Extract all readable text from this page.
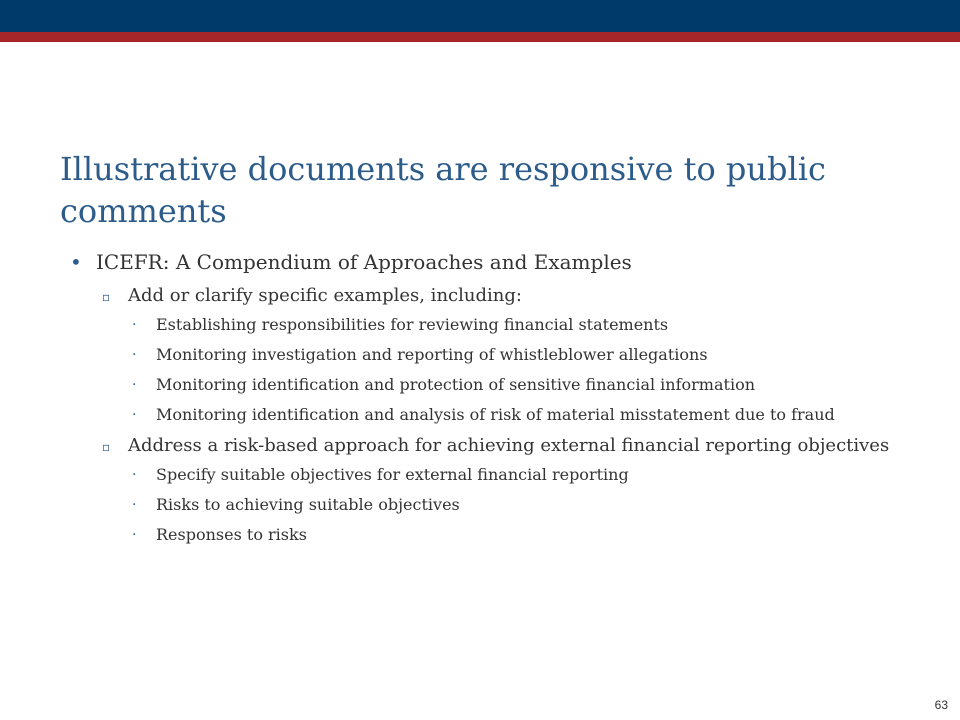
Illustrative documents are responsive to public comments
• ICEFR: A Compendium of Approaches and Examples
▫ Add or clarify specific examples, including:
· Establishing responsibilities for reviewing financial statements
· Monitoring investigation and reporting of whistleblower allegations
· Monitoring identification and protection of sensitive financial information
· Monitoring identification and analysis of risk of material misstatement due to fraud
▫ Address a risk-based approach for achieving external financial reporting objectives
· Specify suitable objectives for external financial reporting
· Risks to achieving suitable objectives
· Responses to risks
63
